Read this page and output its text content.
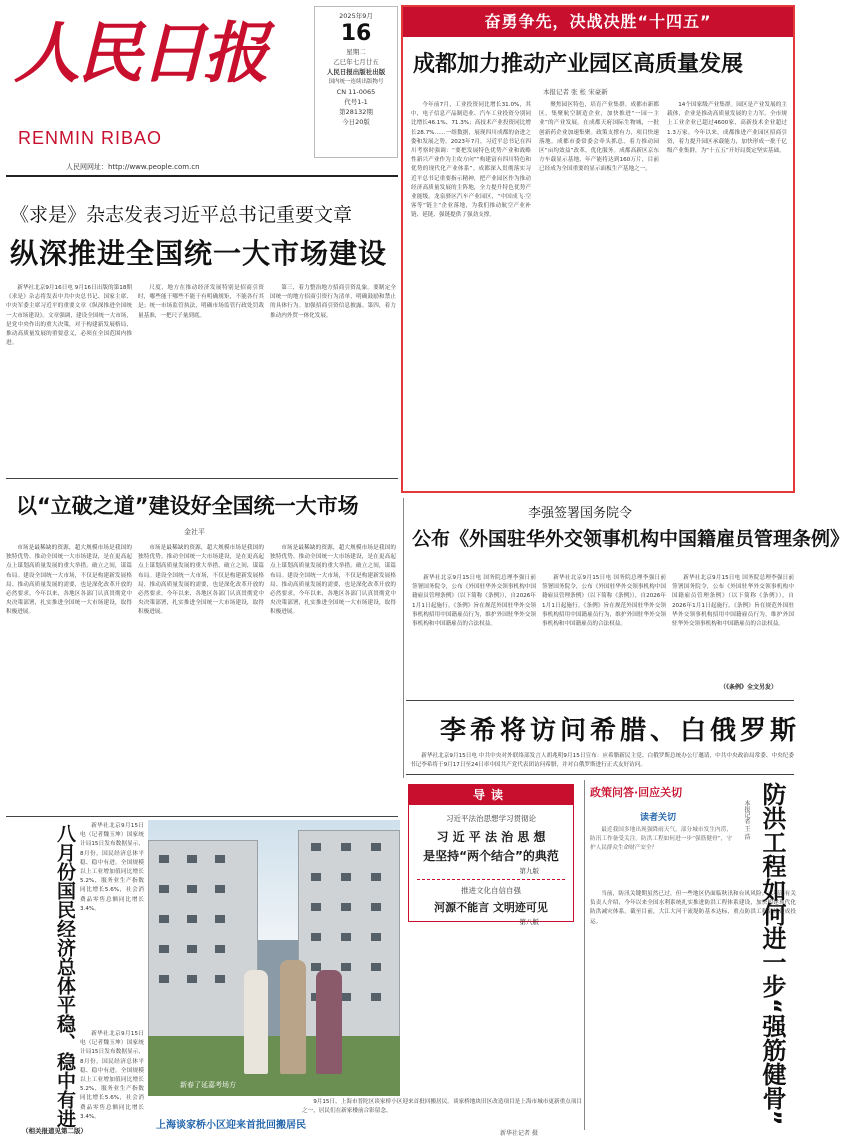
人民日报
RENMIN RIBAO
2025年9月
16
星期二
乙巳年七月廿五
人民日报出版社出版
国内统一连续出版物号
CN 11-0065
代号1-1
第28132期
今日20版
人民网网址：http://www.people.com.cn
奋勇争先，决战决胜“十四五”
成都加力推动产业园区高质量发展
本报记者 张 枨 宋豪新

今年前7月，工业投资同比增长31.0%，其中，电子信息产品制造业、汽车工业投资分别同比增长46.1%、71.3%；高技术产业投资同比增长28.7%……一组数据，展现四川成都的奋进之姿和发展之势。2023年7月，习近平总书记在四川考察时强调：“要把发展特色优势产业和战略性新兴产业作为主攻方向”“构建富有四川特色和优势的现代化产业体系”。成都深入贯彻落实习近平总书记重要指示精神，把产业园区作为推动经济高质量发展的主阵地，全力提升特色优势产业能级。龙泉驿区汽车产业园区，“中国成飞·空客等”链主“企业落地，为我们推动航空产业补链、延链、强链提供了强劲支撑。

聚焦园区特色，培育产业集群。成都市新都区，集聚航空制造企业，加快推进“一园一主业”的产业发展。在成都天府国际生物城，一批创新药企业加速集聚。政策支撑有力，项目快速落地。成都市委常委会牵头抓总，着力推动园区“亩均效益”改革，优化服务。成都高新区京东方车载显示基地，年产能将达到160万片，目前已经成为全国重要的显示面板生产基地之一。

14个国家级产业集群。园区是产业发展的主载体，企业是推动高质量发展的主力军。全市规上工业企业已超过4600家，高新技术企业超过1.3万家。今年以来，成都推进产业园区招商引资，着力提升园区承载能力，加快形成一批千亿级产业集群，为“十五五”开好局奠定坚实基础。

《求是》杂志发表习近平总书记重要文章
纵深推进全国统一大市场建设

新华社北京9月16日电 9月16日出版的第18期《求是》杂志将发表中共中央总书记、国家主席、中央军委主席习近平的重要文章《纵深推进全国统一大市场建设》。文章强调，建设全国统一大市场，是党中央作出的重大决策，对于构建新发展格局、推动高质量发展的重要意义，必须在全国范围内推进。

尺度，地方在推动经济发展特别是招商引资时，哪些能干哪些不能干有明确规矩，不能各行其是；统一市场监管执法，明确市场监管行政处罚裁量基准，一把尺子量到底。

第三，着力整治地方招商引资乱象。要制定全国统一的地方招商引资行为清单，明确鼓励和禁止的具体行为。加强招商引资信息披露。第四，着力推动内外贸一体化发展。

以“立破之道”建设好全国统一大市场
金社平

市场是最稀缺的资源，超大规模市场是我国的独特优势。推动全国统一大市场建设，是在更高起点上谋划高质量发展的重大举措。破立之间，谋篇布局。建设全国统一大市场，不仅是构建新发展格局、推动高质量发展的需要，也是深化改革开放的必然要求。今年以来，各地区各部门认真贯彻党中央决策部署，扎实推进全国统一大市场建设，取得积极进展。

市场是最稀缺的资源，超大规模市场是我国的独特优势。推动全国统一大市场建设，是在更高起点上谋划高质量发展的重大举措。破立之间，谋篇布局。建设全国统一大市场，不仅是构建新发展格局、推动高质量发展的需要，也是深化改革开放的必然要求。今年以来，各地区各部门认真贯彻党中央决策部署，扎实推进全国统一大市场建设，取得积极进展。

市场是最稀缺的资源，超大规模市场是我国的独特优势。推动全国统一大市场建设，是在更高起点上谋划高质量发展的重大举措。破立之间，谋篇布局。建设全国统一大市场，不仅是构建新发展格局、推动高质量发展的需要，也是深化改革开放的必然要求。今年以来，各地区各部门认真贯彻党中央决策部署，扎实推进全国统一大市场建设，取得积极进展。

李强签署国务院令
公布《外国驻华外交领事机构中国籍雇员管理条例》

新华社北京9月15日电 国务院总理李强日前签署国务院令，公布《外国驻华外交领事机构中国籍雇员管理条例》（以下简称《条例》），自2026年1月1日起施行。《条例》旨在规范外国驻华外交领事机构招用中国籍雇员行为，维护外国驻华外交领事机构和中国籍雇员的合法权益。

新华社北京9月15日电 国务院总理李强日前签署国务院令，公布《外国驻华外交领事机构中国籍雇员管理条例》（以下简称《条例》），自2026年1月1日起施行。《条例》旨在规范外国驻华外交领事机构招用中国籍雇员行为，维护外国驻华外交领事机构和中国籍雇员的合法权益。

新华社北京9月15日电 国务院总理李强日前签署国务院令，公布《外国驻华外交领事机构中国籍雇员管理条例》（以下简称《条例》），自2026年1月1日起施行。《条例》旨在规范外国驻华外交领事机构招用中国籍雇员行为，维护外国驻华外交领事机构和中国籍雇员的合法权益。

（《条例》全文另发）
李希将访问希腊、白俄罗斯

新华社北京9月15日电 中共中央对外联络部发言人胡兆明9月15日宣布：应希腊新民主党、白俄罗斯总统办公厅邀请，中共中央政治局常委、中央纪委书记李希将于9月17日至24日率中国共产党代表团访问希腊，并对白俄罗斯进行正式友好访问。

导读
习近平法治思想学习贯彻论
习 近 平 法 治 思 想
是坚持“两个结合”的典范
第九版
推进文化自信自强
河源不能言 文明迹可见
第八版
政策问答·回应关切
读者关切

最近我国多地出现强降雨天气，部分城市发生内涝，防汛工作备受关注。防洪工程如何进一步“强筋健骨”，守护人民群众生命财产安全？

当前，防汛关键期虽然已过，但一些地区仍面临秋汛和台风风险。水利部有关负责人介绍，今年以来全国水利系统扎实推进防洪工程体系建设，加快构建现代化防洪减灾体系。截至目前，大江大河干流堤防基本达标，重点防洪工程陆续建成投运。	防洪工程如何进一步“强筋健骨”
本报记者 王 浩
八月份国民经济总体平稳、稳中有进	新华社北京9月15日电（记者魏玉坤）国家统计局15日发布数据显示，8月份，国民经济总体平稳、稳中有进。全国规模以上工业增加值同比增长5.2%，服务业生产指数同比增长5.6%，社会消费品零售总额同比增长3.4%。

新华社北京9月15日电（记者魏玉坤）国家统计局15日发布数据显示，8月份，国民经济总体平稳、稳中有进。全国规模以上工业增加值同比增长5.2%，服务业生产指数同比增长5.6%，社会消费品零售总额同比增长3.4%。

（相关报道见第二版）
新春了延嘉考场方
上海谈家桥小区迎来首批回搬居民

9月15日，上海市普陀区谈家桥小区迎来首批回搬居民。谈家桥地块旧区改造项目是上海市城市更新重点项目之一，居民们在新家楼前合影留念。

新华社记者 摄
